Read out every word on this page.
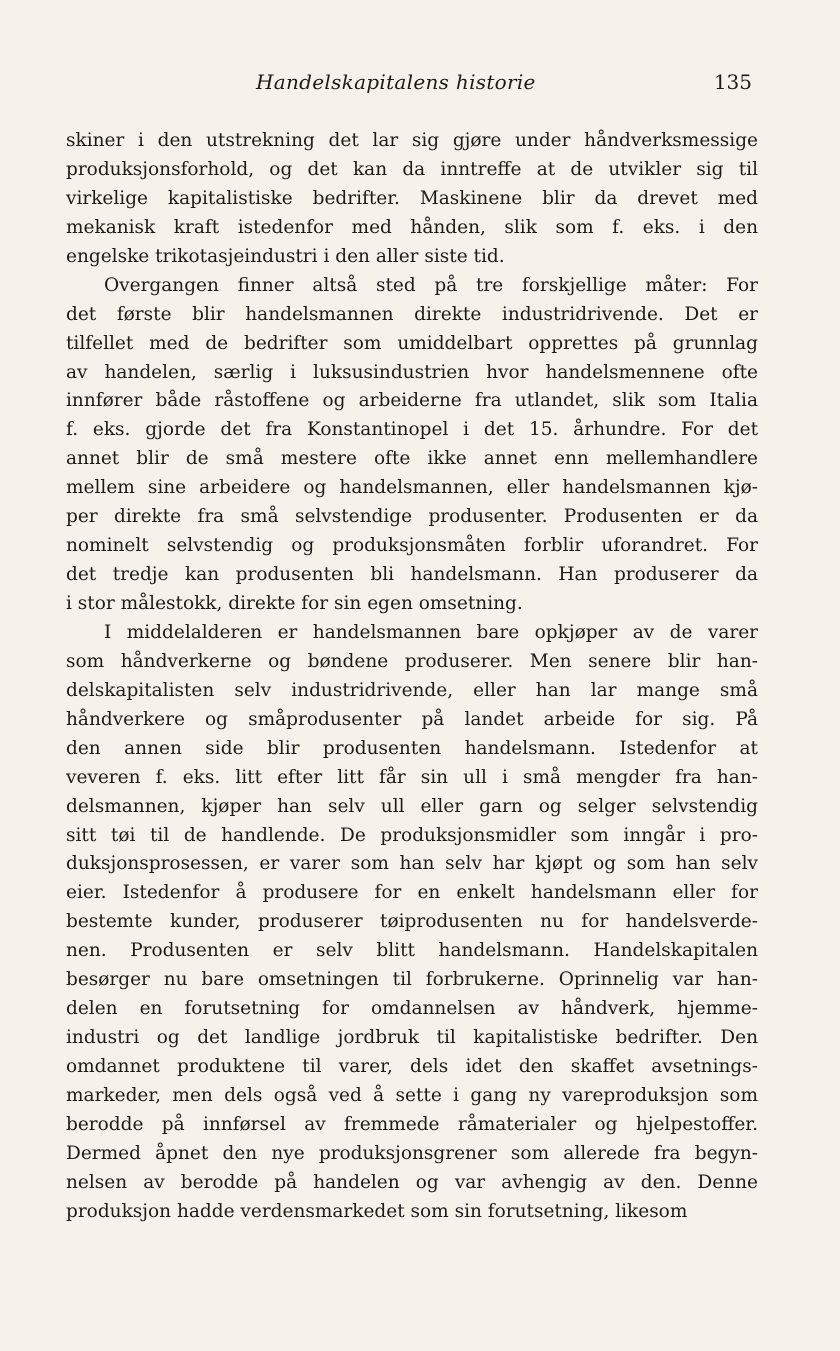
Handelskapitalens historie	135
skiner i den utstrekning det lar sig gjøre under håndverksmessige
produksjonsforhold, og det kan da inntreffe at de utvikler sig til
virkelige kapitalistiske bedrifter. Maskinene blir da drevet med
mekanisk kraft istedenfor med hånden, slik som f. eks. i den
engelske trikotasjeindustri i den aller siste tid.
Overgangen finner altså sted på tre forskjellige måter: For
det første blir handelsmannen direkte industridrivende. Det er
tilfellet med de bedrifter som umiddelbart opprettes på grunnlag
av handelen, særlig i luksusindustrien hvor handelsmennene ofte
innfører både råstoffene og arbeiderne fra utlandet, slik som Italia
f. eks. gjorde det fra Konstantinopel i det 15. århundre. For det
annet blir de små mestere ofte ikke annet enn mellemhandlere
mellem sine arbeidere og handelsmannen, eller handelsmannen kjø-
per direkte fra små selvstendige produsenter. Produsenten er da
nominelt selvstendig og produksjonsmåten forblir uforandret. For
det tredje kan produsenten bli handelsmann. Han produserer da
i stor målestokk, direkte for sin egen omsetning.
I middelalderen er handelsmannen bare opkjøper av de varer
som håndverkerne og bøndene produserer. Men senere blir han-
delskapitalisten selv industridrivende, eller han lar mange små
håndverkere og småprodusenter på landet arbeide for sig. På
den annen side blir produsenten handelsmann. Istedenfor at
veveren f. eks. litt efter litt får sin ull i små mengder fra han-
delsmannen, kjøper han selv ull eller garn og selger selvstendig
sitt tøi til de handlende. De produksjonsmidler som inngår i pro-
duksjonsprosessen, er varer som han selv har kjøpt og som han selv
eier. Istedenfor å produsere for en enkelt handelsmann eller for
bestemte kunder, produserer tøiprodusenten nu for handelsverde-
nen. Produsenten er selv blitt handelsmann. Handelskapitalen
besørger nu bare omsetningen til forbrukerne. Oprinnelig var han-
delen en forutsetning for omdannelsen av håndverk, hjemme-
industri og det landlige jordbruk til kapitalistiske bedrifter. Den
omdannet produktene til varer, dels idet den skaffet avsetnings-
markeder, men dels også ved å sette i gang ny vareproduksjon som
berodde på innførsel av fremmede råmaterialer og hjelpestoffer.
Dermed åpnet den nye produksjonsgrener som allerede fra begyn-
nelsen av berodde på handelen og var avhengig av den. Denne
produksjon hadde verdensmarkedet som sin forutsetning, likesom
